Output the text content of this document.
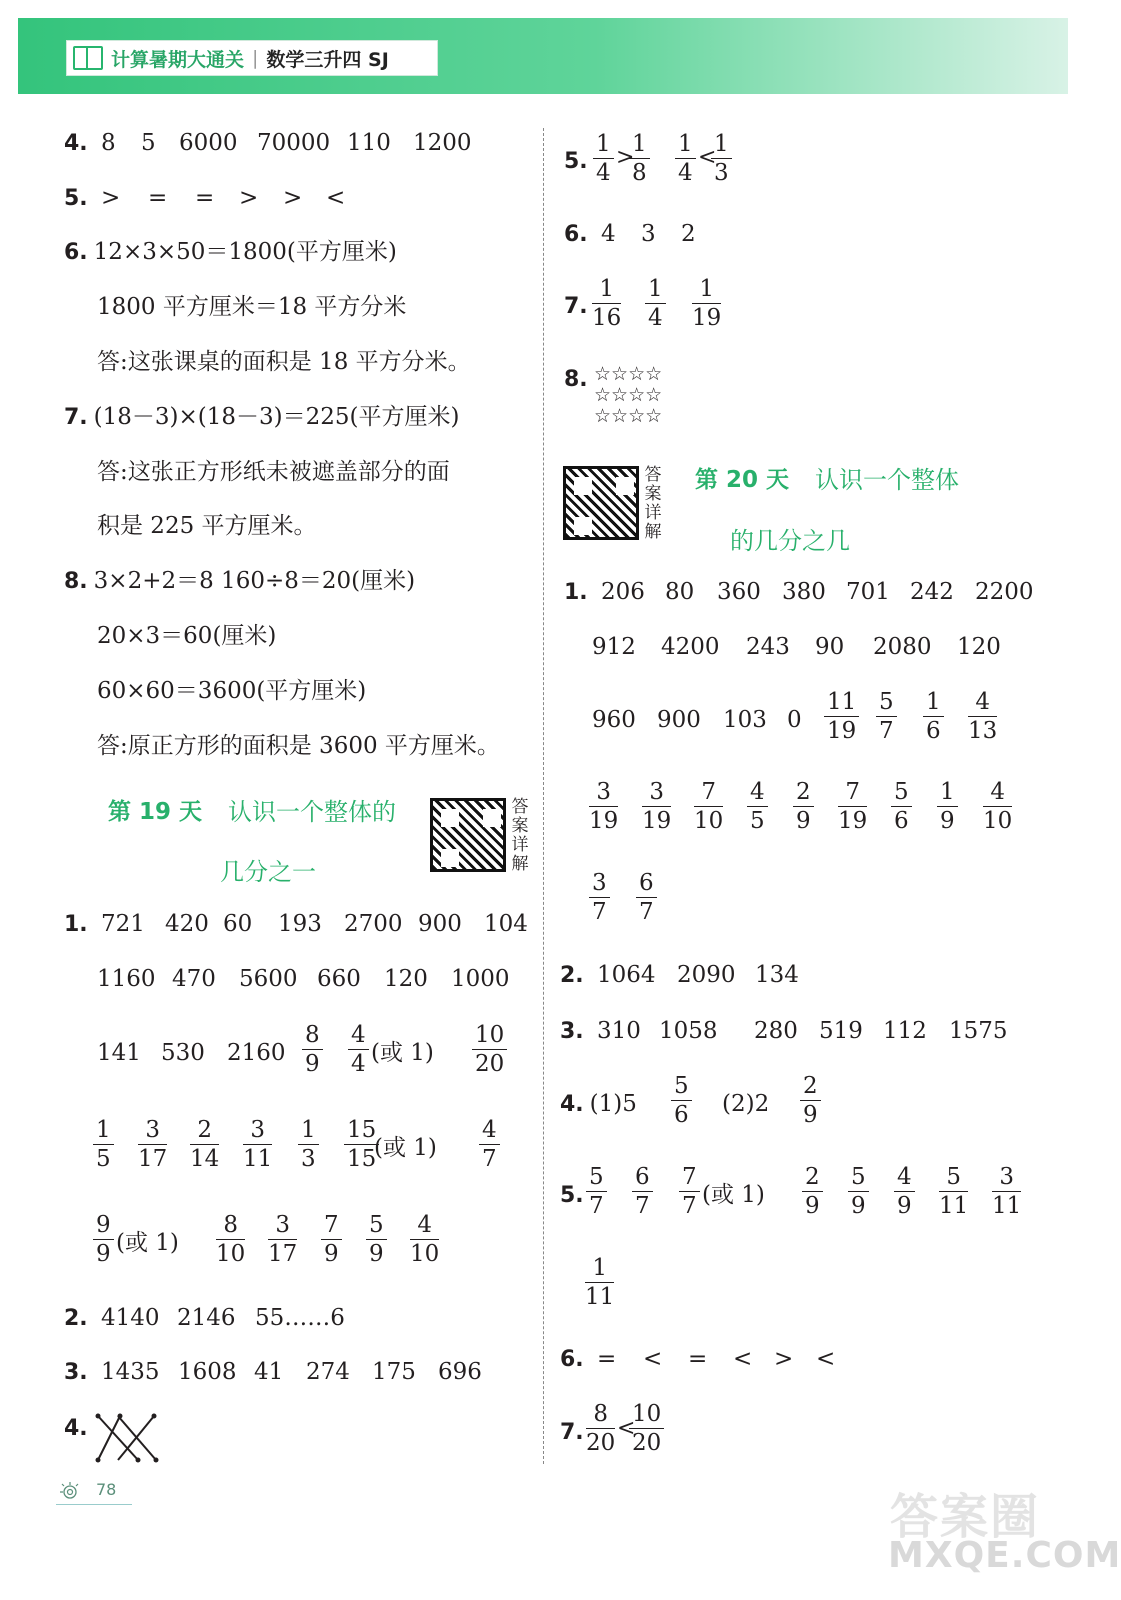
计算暑期大通关 | 数学三升四 SJ
4. 8 5 6000 70000 110 1200
5. > = = > > <
6. 12×3×50＝1800(平方厘米)
1800 平方厘米＝18 平方分米
答:这张课桌的面积是 18 平方分米。
7. (18－3)×(18－3)＝225(平方厘米)
答:这张正方形纸未被遮盖部分的面
积是 225 平方厘米。
8. 3×2+2＝8 160÷8＝20(厘米)
20×3＝60(厘米)
60×60＝3600(平方厘米)
答:原正方形的面积是 3600 平方厘米。
第 19 天 认识一个整体的
几分之一
答
案
详
解
1. 721 420 60 193 2700 900 104
1160 470 5600 660 120 1000
141 530 $2160 \frac{8}{9} \frac{4}{4}$ (或 $1) \frac{10}{20}$
$\frac{1}{5} \frac{3}{17} \frac{2}{14} \frac{3}{11} \frac{1}{3} \frac{15}{15}$
(或 $1) \frac{4}{7}$
$\frac{9}{9}$ (或 $1) \frac{8}{10} \frac{3}{17} \frac{7}{9} \frac{5}{9} \frac{4}{10}$
2. 4140 2146 55……6
3. 1435 1608 41 274 175 696
4.
5. $\frac{1}{4}$ >
$\frac{1}{8} \frac{1}{4}$ <
$\frac{1}{3}$
6. 4 3 2
7. $\frac{1}{16} \frac{1}{4} \frac{1}{19}$
8. ☆☆☆☆
☆☆☆☆
☆☆☆☆
答
案
详
解
第 20 天 认识一个整体
的几分之几
1. 206 80 360 380 701 242 2200
912 4200 243 90 2080 120
960 900 103 $0 \frac{11}{19} \frac{5}{7} \frac{1}{6} \frac{4}{13}$
$\frac{3}{19} \frac{3}{19} \frac{7}{10} \frac{4}{5} \frac{2}{9} \frac{7}{19} \frac{5}{6} \frac{1}{9} \frac{4}{10}$
$\frac{3}{7} \frac{6}{7}$
2. 1064 2090 134
3. 310 1058 280 519 112 1575
4. $(1)5 \frac{5}{6} (2)2 \frac{2}{9}$
5. $\frac{5}{7} \frac{6}{7} \frac{7}{7}$ (或 $1) \frac{2}{9} \frac{5}{9} \frac{4}{9} \frac{5}{11} \frac{3}{11}$
$\frac{1}{11}$
6. = < = < > <
7. $\frac{8}{20}$ <
$\frac{10}{20}$
78	答案圈
MXQE.COM
